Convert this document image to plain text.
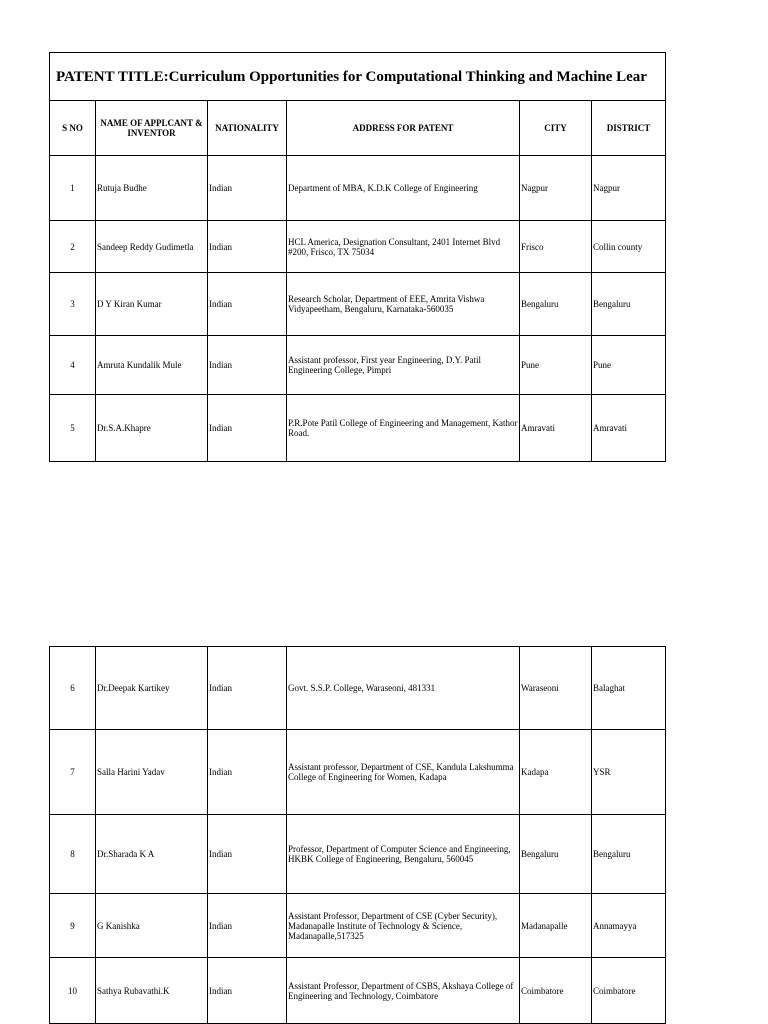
PATENT TITLE:Curriculum Opportunities for Computational Thinking and Machine Lear					
S NO	NAME OF APPLCANT & INVENTOR	NATIONALITY	ADDRESS FOR PATENT	CITY	DISTRICT
1	Rutuja Budhe	Indian	Department of MBA, K.D.K College of Engineering	Nagpur	Nagpur
2	Sandeep Reddy Gudimetla	Indian	HCL America, Designation Consultant, 2401 Internet Blvd #200, Frisco, TX 75034	Frisco	Collin county
3	D Y Kiran Kumar	Indian	Research Scholar, Department of EEE, Amrita Vishwa Vidyapeetham, Bengaluru, Karnataka-560035	Bengaluru	Bengaluru
4	Amruta Kundalik Mule	Indian	Assistant professor, First year Engineering, D.Y. Patil Engineering College, Pimpri	Pune	Pune
5	Dr.S.A.Khapre	Indian	P.R.Pote Patil College of Engineering and Management, Kathor Road.	Amravati	Amravati
6	Dr.Deepak Kartikey	Indian	Govt. S.S.P. College, Waraseoni, 481331	Waraseoni	Balaghat
7	Salla Harini Yadav	Indian	Assistant professor, Department of CSE, Kandula Lakshumma College of Engineering for Women, Kadapa	Kadapa	YSR
8	Dr.Sharada K A	Indian	Professor, Department of Computer Science and Engineering, HKBK College of Engineering, Bengaluru, 560045	Bengaluru	Bengaluru
9	G Kanishka	Indian	Assistant Professor, Department of CSE (Cyber Security), Madanapalle Institute of Technology & Science, Madanapalle,517325	Madanapalle	Annamayya
10	Sathya Rubavathi.K	Indian	Assistant Professor, Department of CSBS, Akshaya College of Engineering and Technology, Coimbatore	Coimbatore	Coimbatore
